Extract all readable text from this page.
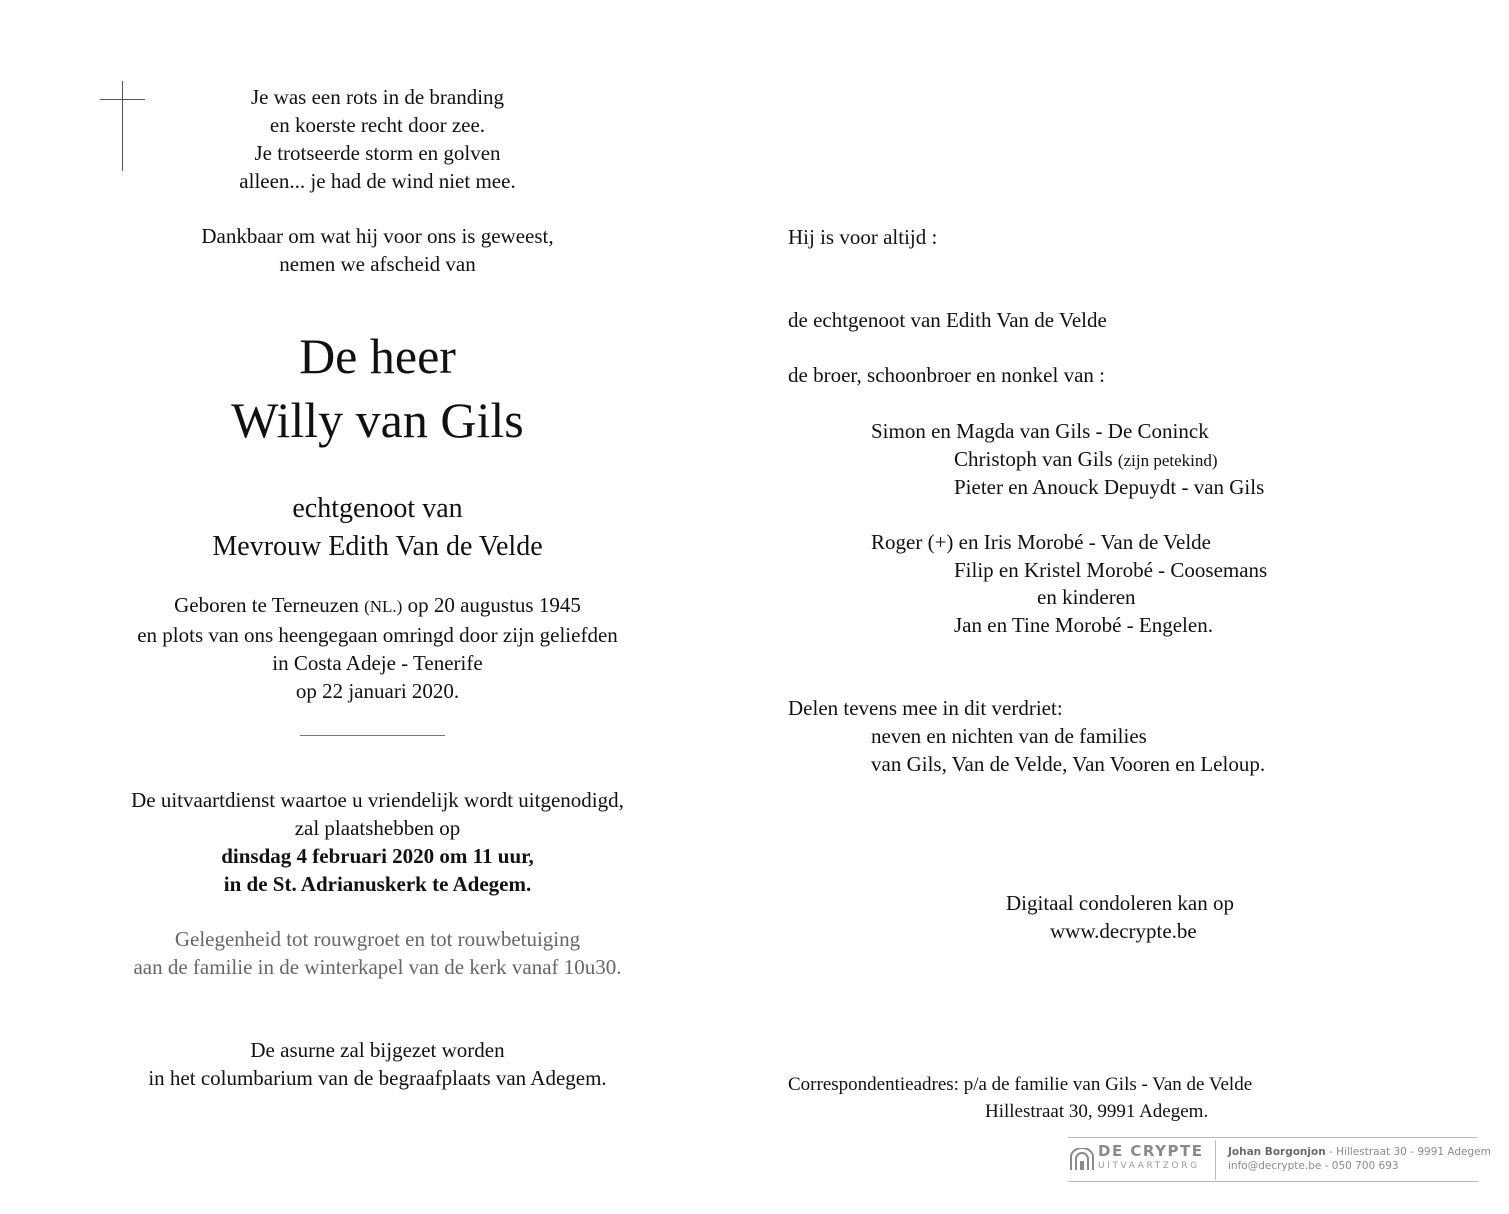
Je was een rots in de branding
en koerste recht door zee.
Je trotseerde storm en golven
alleen... je had de wind niet mee.
Dankbaar om wat hij voor ons is geweest,
nemen we afscheid van
De heer
Willy van Gils
echtgenoot van
Mevrouw Edith Van de Velde
Geboren te Terneuzen (NL.) op 20 augustus 1945
en plots van ons heengegaan omringd door zijn geliefden
in Costa Adeje - Tenerife
op 22 januari 2020.
De uitvaartdienst waartoe u vriendelijk wordt uitgenodigd,
zal plaatshebben op
dinsdag 4 februari 2020 om 11 uur,
in de St. Adrianuskerk te Adegem.
Gelegenheid tot rouwgroet en tot rouwbetuiging
aan de familie in de winterkapel van de kerk vanaf 10u30.
De asurne zal bijgezet worden
in het columbarium van de begraafplaats van Adegem.
Hij is voor altijd :
de echtgenoot van Edith Van de Velde
de broer, schoonbroer en nonkel van :
Simon en Magda van Gils - De Coninck
Christoph van Gils (zijn petekind)
Pieter en Anouck Depuydt - van Gils
Roger (+) en Iris Morobé - Van de Velde
Filip en Kristel Morobé - Coosemans
en kinderen
Jan en Tine Morobé - Engelen.
Delen tevens mee in dit verdriet:
neven en nichten van de families
van Gils, Van de Velde, Van Vooren en Leloup.
Digitaal condoleren kan op
www.decrypte.be
Correspondentieadres: p/a de familie van Gils - Van de Velde
Hillestraat 30, 9991 Adegem.
DE CRYPTE
UITVAARTZORG
Johan Borgonjon - Hillestraat 30 - 9991 Adegem
info@decrypte.be - 050 700 693
